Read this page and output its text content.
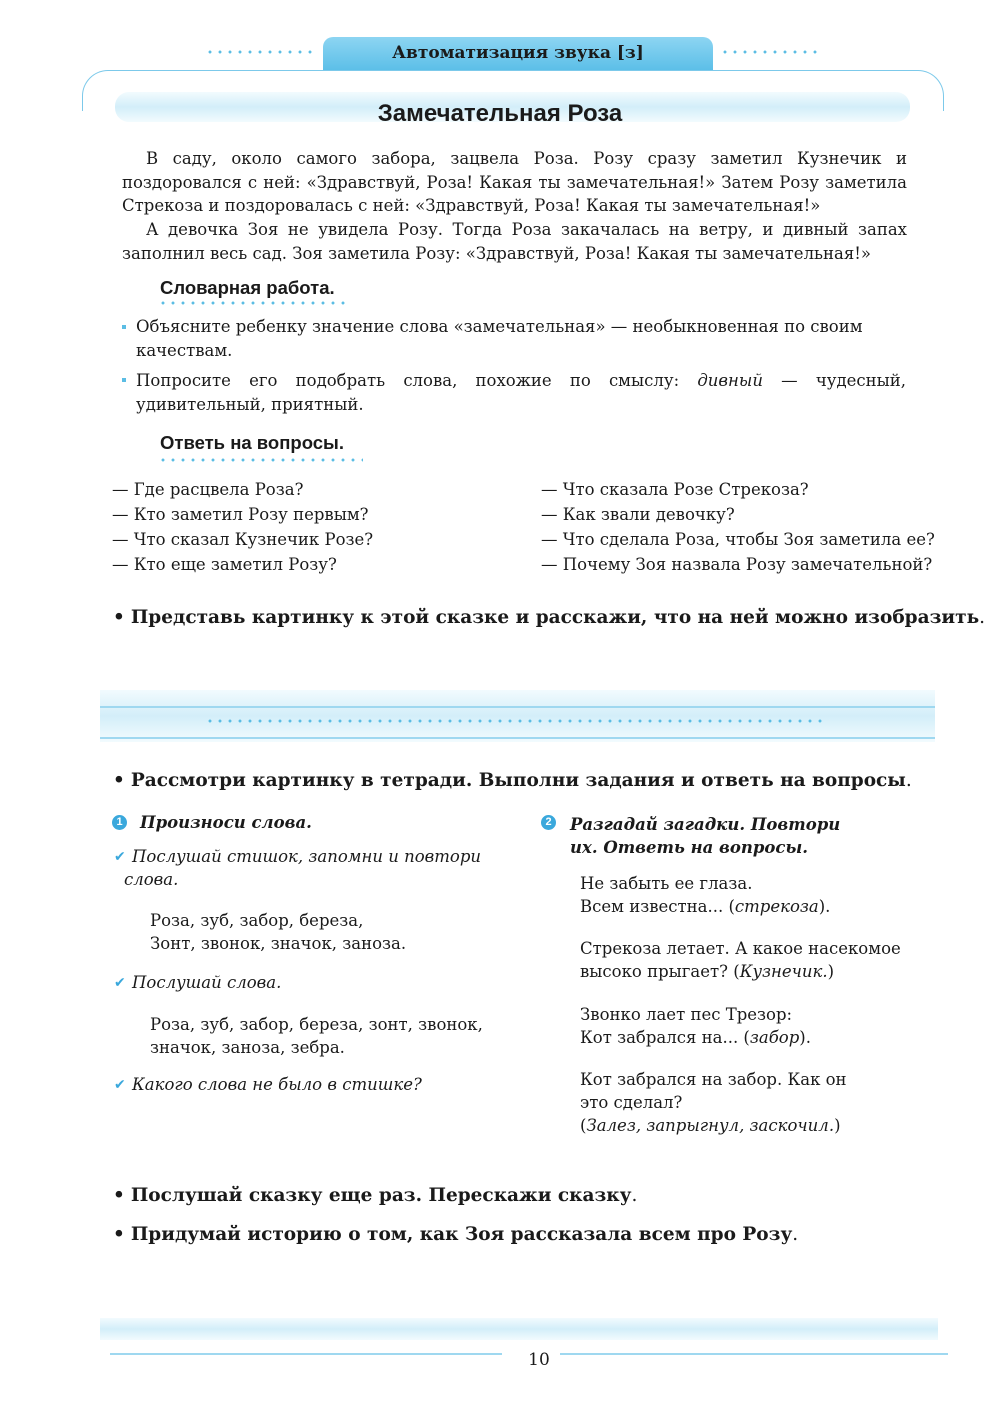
Автоматизация звука [з]
Замечательная Роза

В саду, около самого забора, зацвела Роза. Розу сразу заметил Кузнечик и поздоровался с ней: «Здравствуй, Роза! Какая ты замечательная!» Затем Розу заметила Стрекоза и поздоровалась с ней: «Здравствуй, Роза! Какая ты замечательная!»

А девочка Зоя не увидела Розу. Тогда Роза закачалась на ветру, и дивный запах заполнил весь сад. Зоя заметила Розу: «Здравствуй, Роза! Какая ты замечательная!»

Словарная работа.
Объясните ребенку значение слова «замечательная» — необыкновенная по своим качествам.
Попросите его подобрать слова, похожие по смыслу: дивный — чудесный, удивительный, приятный.
Ответь на вопросы.
— Где расцвела Роза?
— Кто заметил Розу первым?
— Что сказал Кузнечик Розе?
— Кто еще заметил Розу?
— Что сказала Розе Стрекоза?
— Как звали девочку?
— Что сделала Роза, чтобы Зоя заметила ее?
— Почему Зоя назвала Розу замечательной?
• Представь картинку к этой сказке и расскажи, что на ней можно изобразить.
• Рассмотри картинку в тетради. Выполни задания и ответь на вопросы.
1 Произноси слова.
✔ Послушай стишок, запомни и повтори слова.
Роза, зуб, забор, береза,
Зонт, звонок, значок, заноза.
✔ Послушай слова.
Роза, зуб, забор, береза, зонт, звонок, значок, заноза, зебра.
✔ Какого слова не было в стишке?
2 Разгадай загадки. Повтори их. Ответь на вопросы.
Не забыть ее глаза.
Всем известна... (стрекоза).
Стрекоза летает. А какое насекомое
высоко прыгает? (Кузнечик.)
Звонко лает пес Трезор:
Кот забрался на... (забор).
Кот забрался на забор. Как он
это сделал?
(Залез, запрыгнул, заскочил.)
• Послушай сказку еще раз. Перескажи сказку.
• Придумай историю о том, как Зоя рассказала всем про Розу.
10
